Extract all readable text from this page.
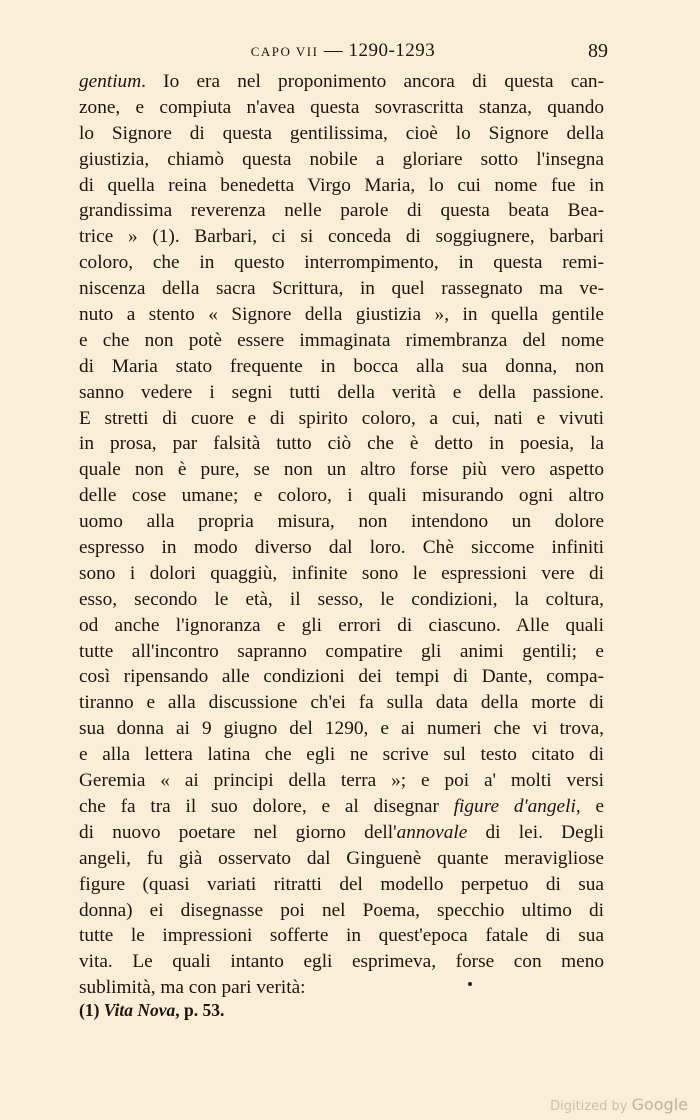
CAPO VII — 1290-1293	89
gentium. Io era nel proponimento ancora di questa can-
zone, e compiuta n'avea questa sovrascritta stanza, quando
lo Signore di questa gentilissima, cioè lo Signore della
giustizia, chiamò questa nobile a gloriare sotto l'insegna
di quella reina benedetta Virgo Maria, lo cui nome fue in
grandissima reverenza nelle parole di questa beata Bea-
trice » (1). Barbari, ci si conceda di soggiugnere, barbari
coloro, che in questo interrompimento, in questa remi-
niscenza della sacra Scrittura, in quel rassegnato ma ve-
nuto a stento « Signore della giustizia », in quella gentile
e che non potè essere immaginata rimembranza del nome
di Maria stato frequente in bocca alla sua donna, non
sanno vedere i segni tutti della verità e della passione.
E stretti di cuore e di spirito coloro, a cui, nati e vivuti
in prosa, par falsità tutto ciò che è detto in poesia, la
quale non è pure, se non un altro forse più vero aspetto
delle cose umane; e coloro, i quali misurando ogni altro
uomo alla propria misura, non intendono un dolore
espresso in modo diverso dal loro. Chè siccome infiniti
sono i dolori quaggiù, infinite sono le espressioni vere di
esso, secondo le età, il sesso, le condizioni, la coltura,
od anche l'ignoranza e gli errori di ciascuno. Alle quali
tutte all'incontro sapranno compatire gli animi gentili; e
così ripensando alle condizioni dei tempi di Dante, compa-
tiranno e alla discussione ch'ei fa sulla data della morte di
sua donna ai 9 giugno del 1290, e ai numeri che vi trova,
e alla lettera latina che egli ne scrive sul testo citato di
Geremia « ai principi della terra »; e poi a' molti versi
che fa tra il suo dolore, e al disegnar figure d'angeli, e
di nuovo poetare nel giorno dell'annovale di lei. Degli
angeli, fu già osservato dal Ginguenè quante meravigliose
figure (quasi variati ritratti del modello perpetuo di sua
donna) ei disegnasse poi nel Poema, specchio ultimo di
tutte le impressioni sofferte in quest'epoca fatale di sua
vita. Le quali intanto egli esprimeva, forse con meno
sublimità, ma con pari verità:
(1) Vita Nova, p. 53.
Digitized by Google
